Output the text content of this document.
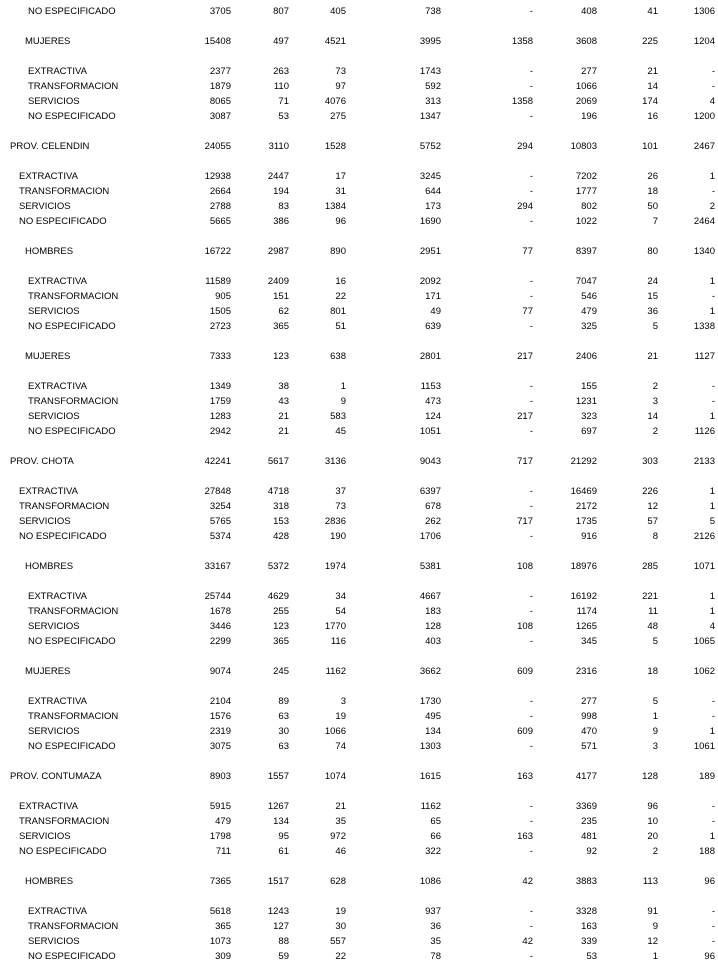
NO ESPECIFICADO	3705	807	405	738	-	408	41	1306
MUJERES	15408	497	4521	3995	1358	3608	225	1204
EXTRACTIVA	2377	263	73	1743	-	277	21	-
TRANSFORMACION	1879	110	97	592	-	1066	14	-
SERVICIOS	8065	71	4076	313	1358	2069	174	4
NO ESPECIFICADO	3087	53	275	1347	-	196	16	1200
PROV. CELENDIN	24055	3110	1528	5752	294	10803	101	2467
EXTRACTIVA	12938	2447	17	3245	-	7202	26	1
TRANSFORMACION	2664	194	31	644	-	1777	18	-
SERVICIOS	2788	83	1384	173	294	802	50	2
NO ESPECIFICADO	5665	386	96	1690	-	1022	7	2464
HOMBRES	16722	2987	890	2951	77	8397	80	1340
EXTRACTIVA	11589	2409	16	2092	-	7047	24	1
TRANSFORMACION	905	151	22	171	-	546	15	-
SERVICIOS	1505	62	801	49	77	479	36	1
NO ESPECIFICADO	2723	365	51	639	-	325	5	1338
MUJERES	7333	123	638	2801	217	2406	21	1127
EXTRACTIVA	1349	38	1	1153	-	155	2	-
TRANSFORMACION	1759	43	9	473	-	1231	3	-
SERVICIOS	1283	21	583	124	217	323	14	1
NO ESPECIFICADO	2942	21	45	1051	-	697	2	1126
PROV. CHOTA	42241	5617	3136	9043	717	21292	303	2133
EXTRACTIVA	27848	4718	37	6397	-	16469	226	1
TRANSFORMACION	3254	318	73	678	-	2172	12	1
SERVICIOS	5765	153	2836	262	717	1735	57	5
NO ESPECIFICADO	5374	428	190	1706	-	916	8	2126
HOMBRES	33167	5372	1974	5381	108	18976	285	1071
EXTRACTIVA	25744	4629	34	4667	-	16192	221	1
TRANSFORMACION	1678	255	54	183	-	1174	11	1
SERVICIOS	3446	123	1770	128	108	1265	48	4
NO ESPECIFICADO	2299	365	116	403	-	345	5	1065
MUJERES	9074	245	1162	3662	609	2316	18	1062
EXTRACTIVA	2104	89	3	1730	-	277	5	-
TRANSFORMACION	1576	63	19	495	-	998	1	-
SERVICIOS	2319	30	1066	134	609	470	9	1
NO ESPECIFICADO	3075	63	74	1303	-	571	3	1061
PROV. CONTUMAZA	8903	1557	1074	1615	163	4177	128	189
EXTRACTIVA	5915	1267	21	1162	-	3369	96	-
TRANSFORMACION	479	134	35	65	-	235	10	-
SERVICIOS	1798	95	972	66	163	481	20	1
NO ESPECIFICADO	711	61	46	322	-	92	2	188
HOMBRES	7365	1517	628	1086	42	3883	113	96
EXTRACTIVA	5618	1243	19	937	-	3328	91	-
TRANSFORMACION	365	127	30	36	-	163	9	-
SERVICIOS	1073	88	557	35	42	339	12	-
NO ESPECIFICADO	309	59	22	78	-	53	1	96
